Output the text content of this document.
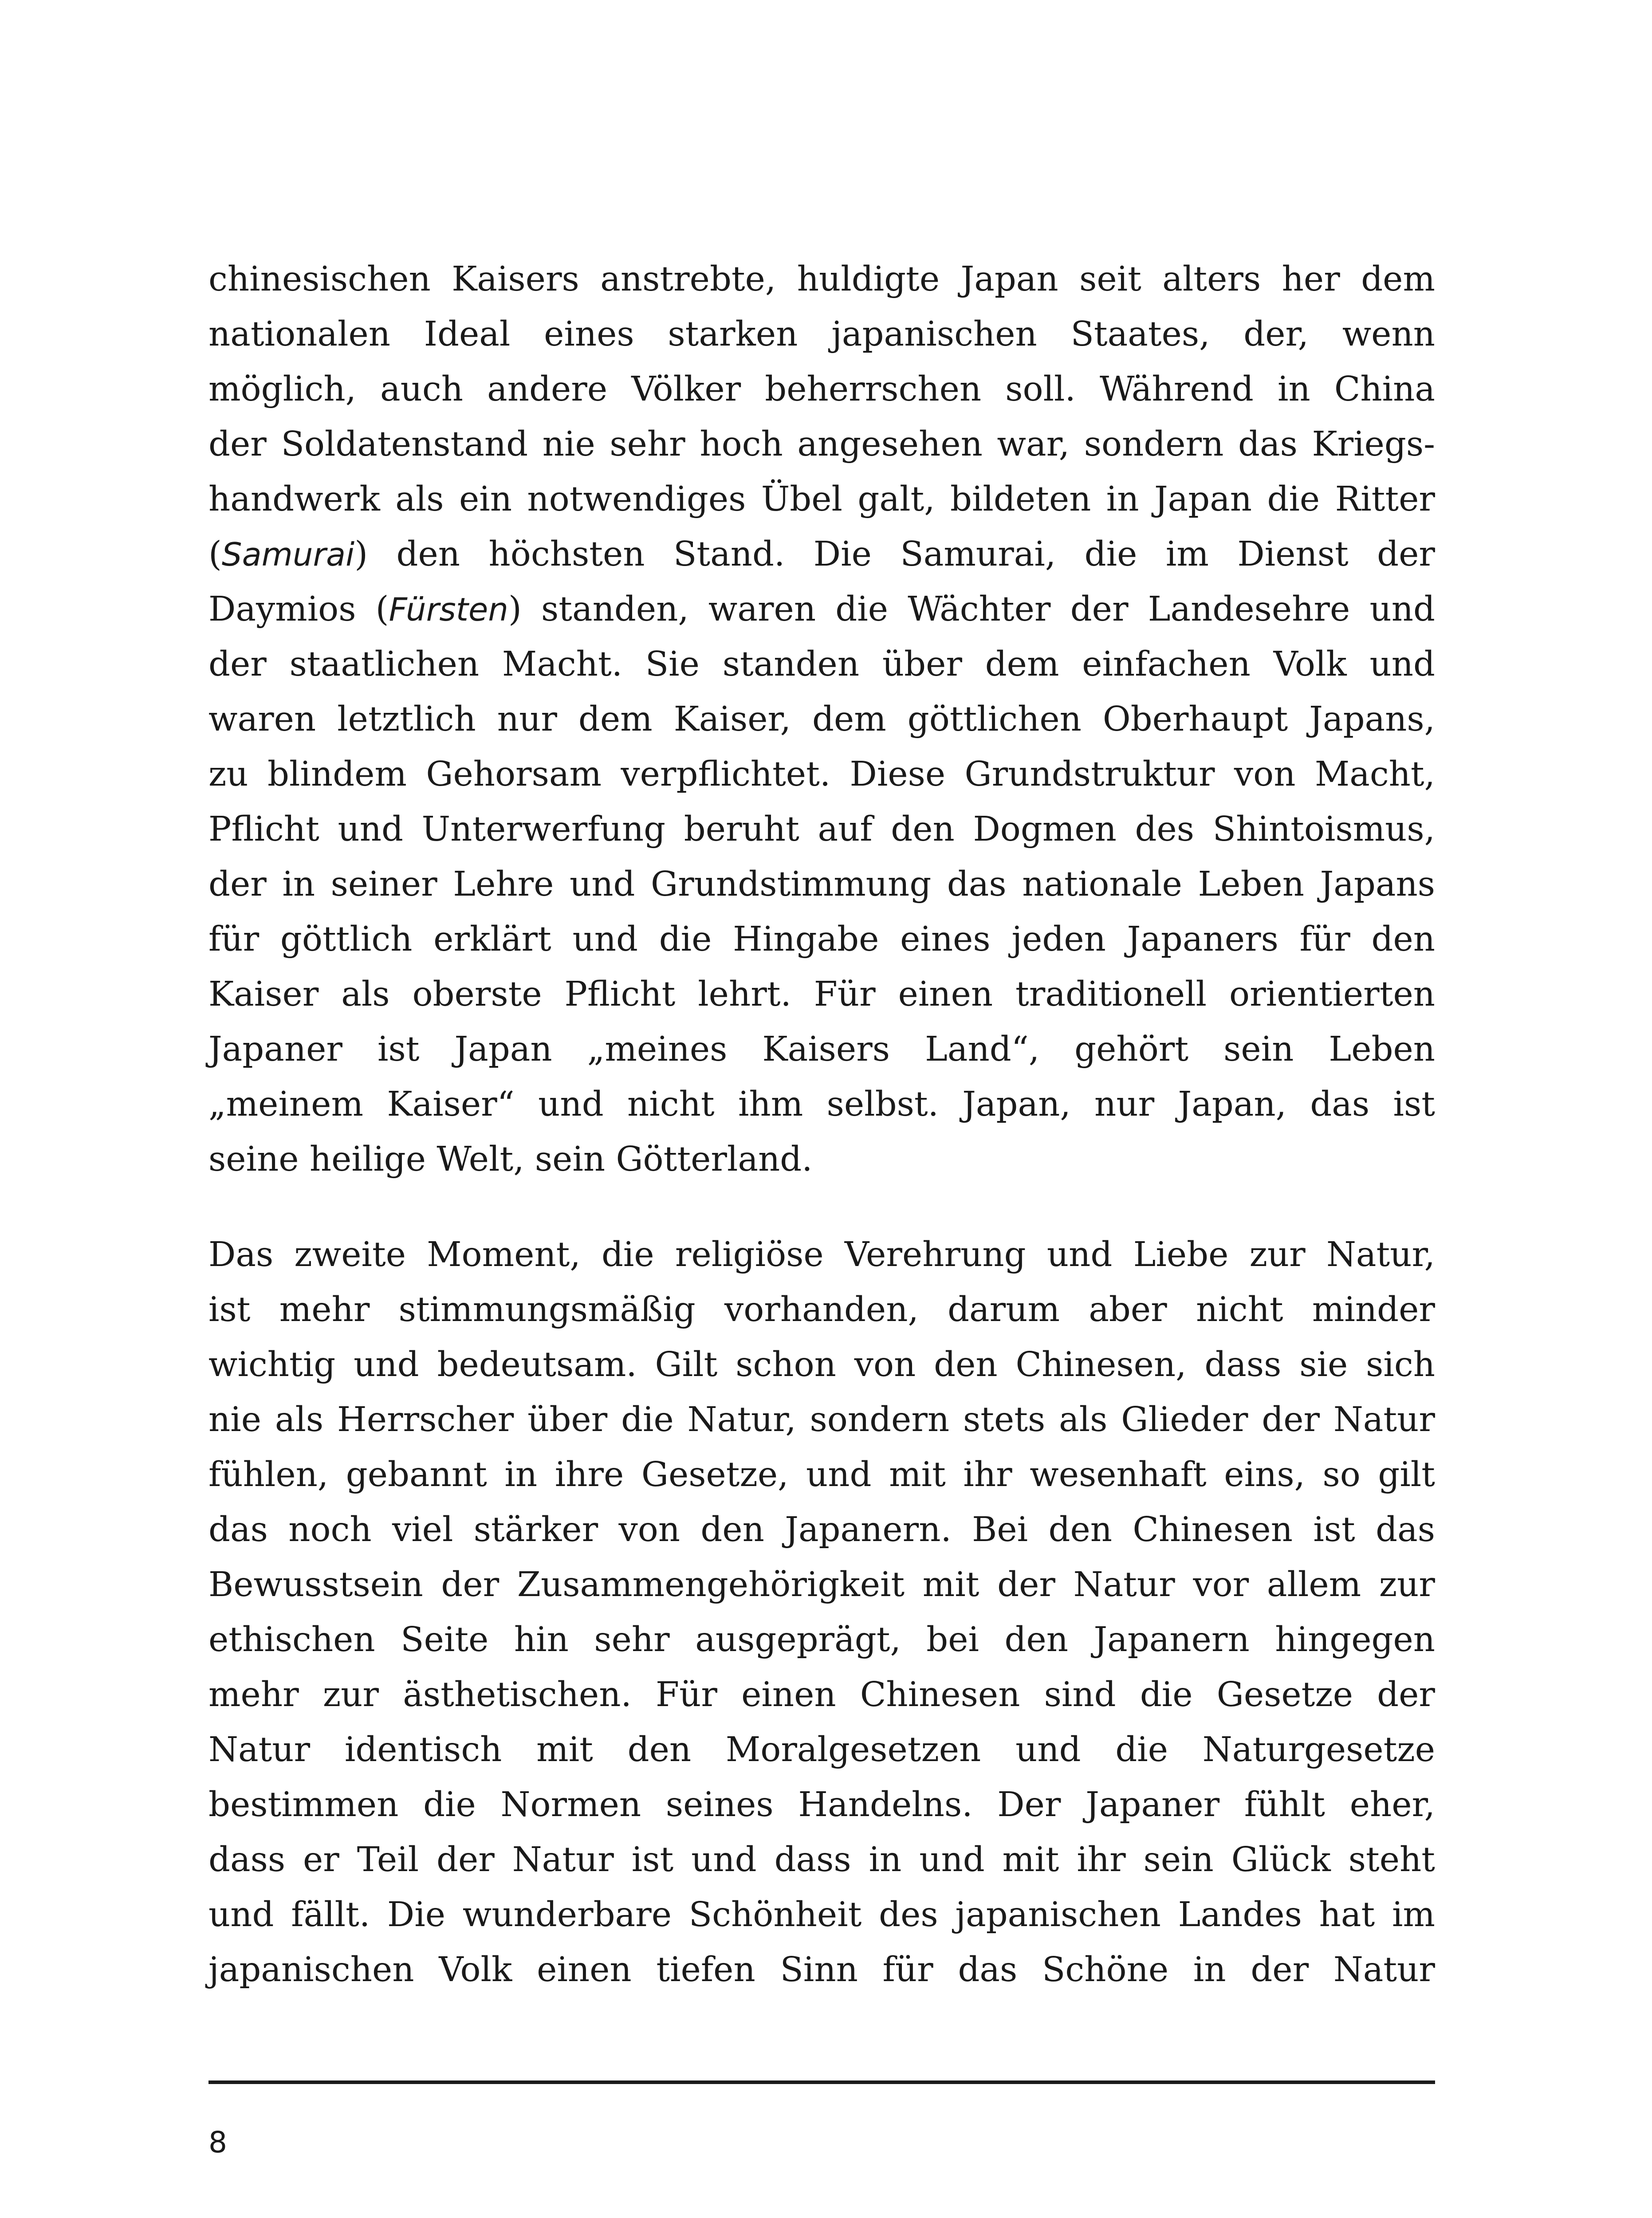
chinesischen Kaisers anstrebte, huldigte Japan seit alters her dem
nationalen Ideal eines starken japanischen Staates, der, wenn
möglich, auch andere Völker beherrschen soll. Während in China
der Soldatenstand nie sehr hoch angesehen war, sondern das Kriegs-
handwerk als ein notwendiges Übel galt, bildeten in Japan die Ritter
(Samurai) den höchsten Stand. Die Samurai, die im Dienst der
Daymios (Fürsten) standen, waren die Wächter der Landesehre und
der staatlichen Macht. Sie standen über dem einfachen Volk und
waren letztlich nur dem Kaiser, dem göttlichen Oberhaupt Japans,
zu blindem Gehorsam verpflichtet. Diese Grundstruktur von Macht,
Pflicht und Unterwerfung beruht auf den Dogmen des Shintoismus,
der in seiner Lehre und Grundstimmung das nationale Leben Japans
für göttlich erklärt und die Hingabe eines jeden Japaners für den
Kaiser als oberste Pflicht lehrt. Für einen traditionell orientierten
Japaner ist Japan „meines Kaisers Land“, gehört sein Leben
„meinem Kaiser“ und nicht ihm selbst. Japan, nur Japan, das ist
seine heilige Welt, sein Götterland.

Das zweite Moment, die religiöse Verehrung und Liebe zur Natur,
ist mehr stimmungsmäßig vorhanden, darum aber nicht minder
wichtig und bedeutsam. Gilt schon von den Chinesen, dass sie sich
nie als Herrscher über die Natur, sondern stets als Glieder der Natur
fühlen, gebannt in ihre Gesetze, und mit ihr wesenhaft eins, so gilt
das noch viel stärker von den Japanern. Bei den Chinesen ist das
Bewusstsein der Zusammengehörigkeit mit der Natur vor allem zur
ethischen Seite hin sehr ausgeprägt, bei den Japanern hingegen
mehr zur ästhetischen. Für einen Chinesen sind die Gesetze der
Natur identisch mit den Moralgesetzen und die Naturgesetze
bestimmen die Normen seines Handelns. Der Japaner fühlt eher,
dass er Teil der Natur ist und dass in und mit ihr sein Glück steht
und fällt. Die wunderbare Schönheit des japanischen Landes hat im
japanischen Volk einen tiefen Sinn für das Schöne in der Natur

8
